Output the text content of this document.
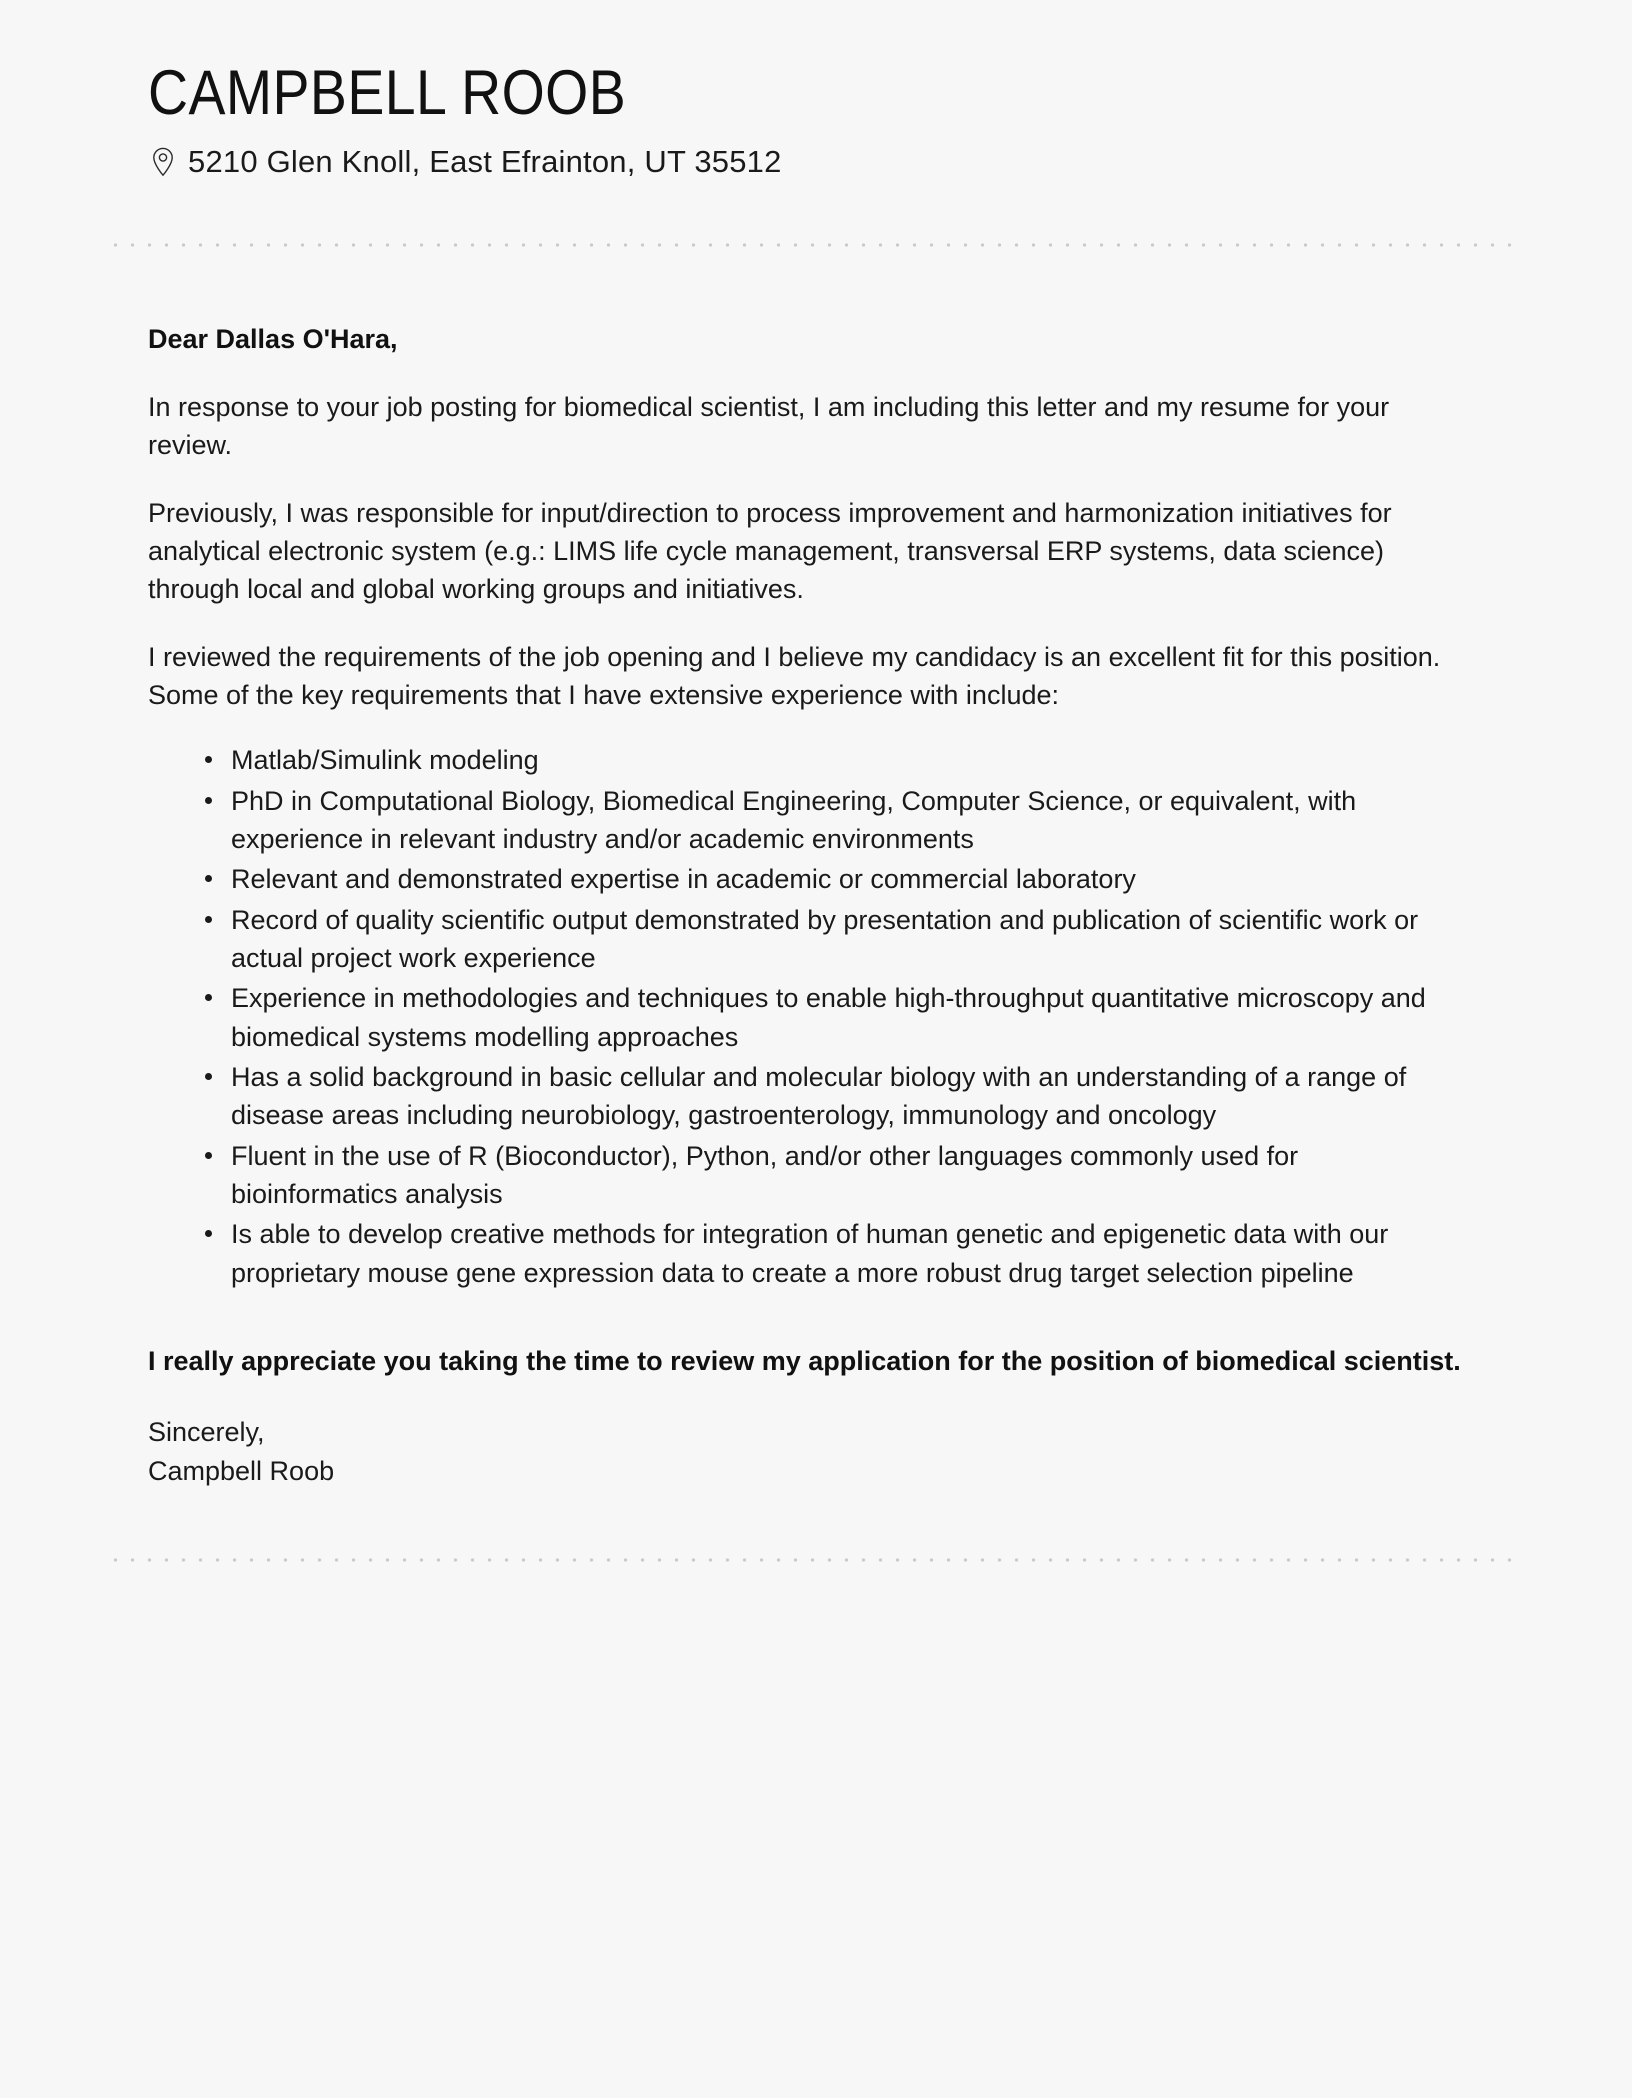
CAMPBELL ROOB
5210 Glen Knoll, East Efrainton, UT 35512
Dear Dallas O'Hara,

In response to your job posting for biomedical scientist, I am including this letter and my resume for your review.

Previously, I was responsible for input/direction to process improvement and harmonization initiatives for analytical electronic system (e.g.: LIMS life cycle management, transversal ERP systems, data science) through local and global working groups and initiatives.

I reviewed the requirements of the job opening and I believe my candidacy is an excellent fit for this position. Some of the key requirements that I have extensive experience with include:

Matlab/Simulink modeling
PhD in Computational Biology, Biomedical Engineering, Computer Science, or equivalent, with experience in relevant industry and/or academic environments
Relevant and demonstrated expertise in academic or commercial laboratory
Record of quality scientific output demonstrated by presentation and publication of scientific work or actual project work experience
Experience in methodologies and techniques to enable high-throughput quantitative microscopy and biomedical systems modelling approaches
Has a solid background in basic cellular and molecular biology with an understanding of a range of disease areas including neurobiology, gastroenterology, immunology and oncology
Fluent in the use of R (Bioconductor), Python, and/or other languages commonly used for bioinformatics analysis
Is able to develop creative methods for integration of human genetic and epigenetic data with our proprietary mouse gene expression data to create a more robust drug target selection pipeline

I really appreciate you taking the time to review my application for the position of biomedical scientist.

Sincerely,
Campbell Roob
